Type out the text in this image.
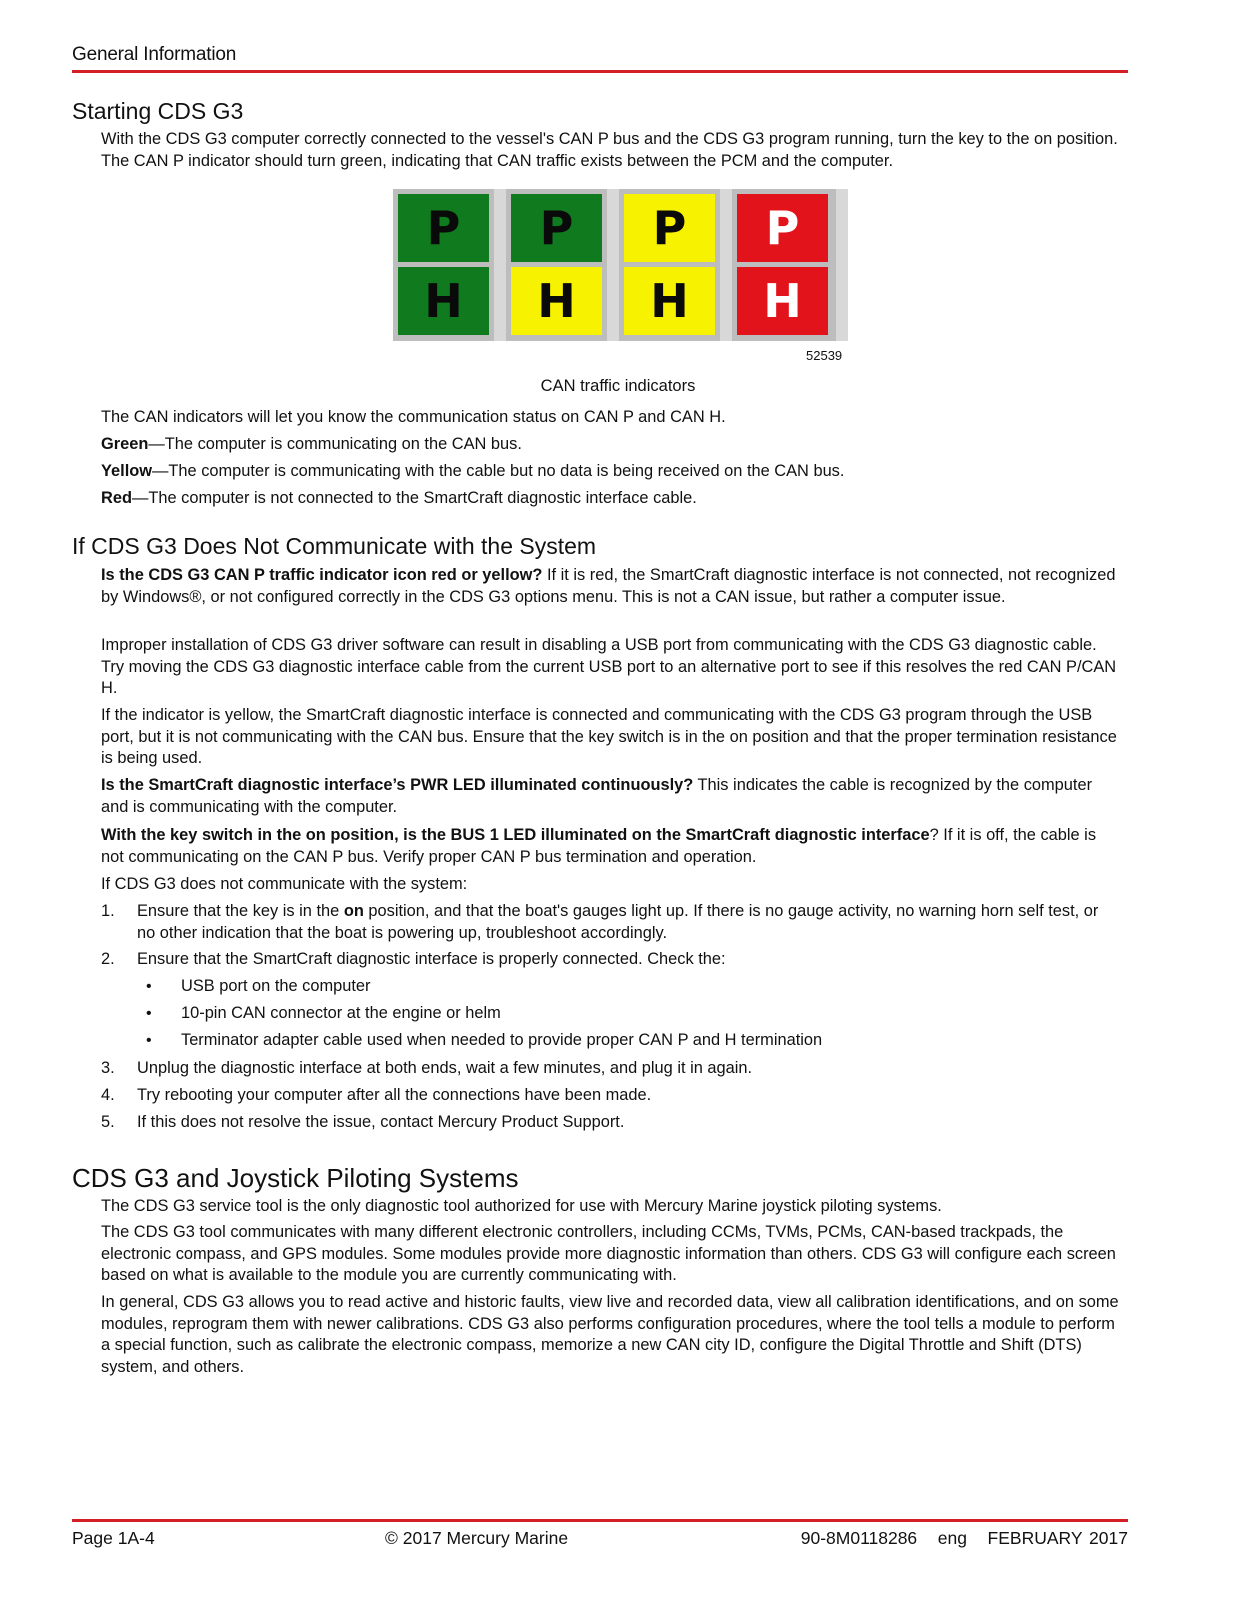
General Information
Starting CDS G3

With the CDS G3 computer correctly connected to the vessel's CAN P bus and the CDS G3 program running, turn the key to the on position. The CAN P indicator should turn green, indicating that CAN traffic exists between the PCM and the computer.

P
H
P
H
P
H
P
H
52539
CAN traffic indicators

The CAN indicators will let you know the communication status on CAN P and CAN H.

Green—The computer is communicating on the CAN bus.

Yellow—The computer is communicating with the cable but no data is being received on the CAN bus.

Red—The computer is not connected to the SmartCraft diagnostic interface cable.

If CDS G3 Does Not Communicate with the System

Is the CDS G3 CAN P traffic indicator icon red or yellow? If it is red, the SmartCraft diagnostic interface is not connected, not recognized by Windows®, or not configured correctly in the CDS G3 options menu. This is not a CAN issue, but rather a computer issue.

Improper installation of CDS G3 driver software can result in disabling a USB port from communicating with the CDS G3 diagnostic cable. Try moving the CDS G3 diagnostic interface cable from the current USB port to an alternative port to see if this resolves the red CAN P/CAN H.

If the indicator is yellow, the SmartCraft diagnostic interface is connected and communicating with the CDS G3 program through the USB port, but it is not communicating with the CAN bus. Ensure that the key switch is in the on position and that the proper termination resistance is being used.

Is the SmartCraft diagnostic interface’s PWR LED illuminated continuously? This indicates the cable is recognized by the computer and is communicating with the computer.

With the key switch in the on position, is the BUS 1 LED illuminated on the SmartCraft diagnostic interface? If it is off, the cable is not communicating on the CAN P bus. Verify proper CAN P bus termination and operation.

If CDS G3 does not communicate with the system:

1.	Ensure that the key is in the on position, and that the boat's gauges light up. If there is no gauge activity, no warning horn self test, or no other indication that the boat is powering up, troubleshoot accordingly.
2.	Ensure that the SmartCraft diagnostic interface is properly connected. Check the:
• USB port on the computer
• 10-pin CAN connector at the engine or helm
• Terminator adapter cable used when needed to provide proper CAN P and H termination
3.	Unplug the diagnostic interface at both ends, wait a few minutes, and plug it in again.
4.	Try rebooting your computer after all the connections have been made.
5.	If this does not resolve the issue, contact Mercury Product Support.
CDS G3 and Joystick Piloting Systems

The CDS G3 service tool is the only diagnostic tool authorized for use with Mercury Marine joystick piloting systems.

The CDS G3 tool communicates with many different electronic controllers, including CCMs, TVMs, PCMs, CAN-based trackpads, the electronic compass, and GPS modules. Some modules provide more diagnostic information than others. CDS G3 will configure each screen based on what is available to the module you are currently communicating with.

In general, CDS G3 allows you to read active and historic faults, view live and recorded data, view all calibration identifications, and on some modules, reprogram them with newer calibrations. CDS G3 also performs configuration procedures, where the tool tells a module to perform a special function, such as calibrate the electronic compass, memorize a new CAN city ID, configure the Digital Throttle and Shift (DTS) system, and others.

Page 1A-4	© 2017 Mercury Marine	90-8M0118286   eng   FEBRUARY 2017
